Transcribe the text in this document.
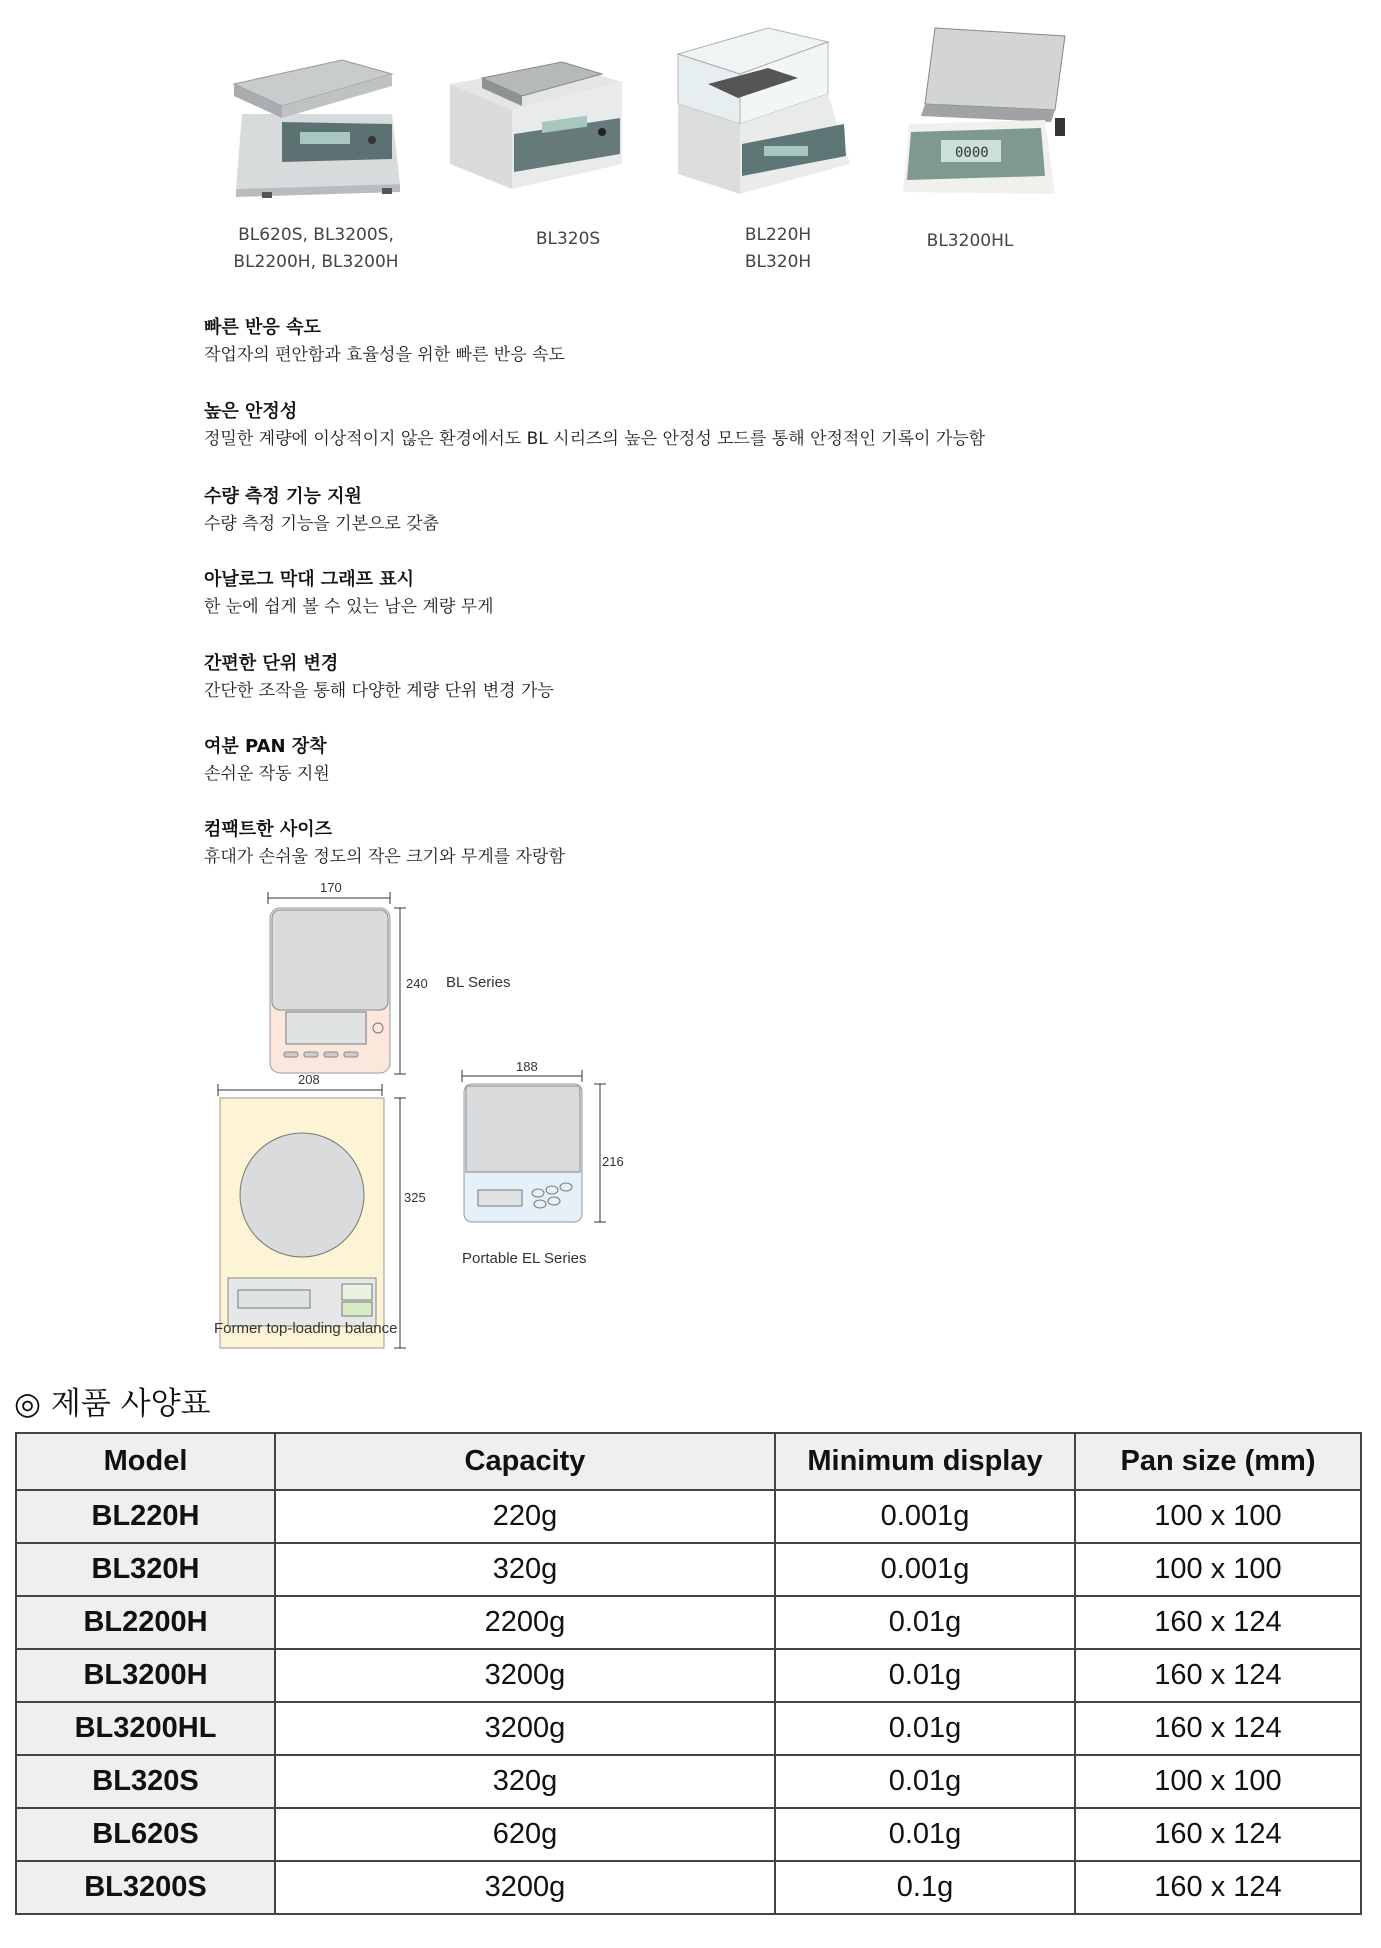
0000
BL620S, BL3200S,
BL2200H, BL3200H
BL320S	BL220H
BL320H
BL3200HL
빠른 반응 속도
작업자의 편안함과 효율성을 위한 빠른 반응 속도
높은 안정성
정밀한 계량에 이상적이지 않은 환경에서도 BL 시리즈의 높은 안정성 모드를 통해 안정적인 기록이 가능함
수량 측정 기능 지원
수량 측정 기능을 기본으로 갖춤
아날로그 막대 그래프 표시
한 눈에 쉽게 볼 수 있는 남은 계량 무게
간편한 단위 변경
간단한 조작을 통해 다양한 계량 단위 변경 가능
여분 PAN 장착
손쉬운 작동 지원
컴팩트한 사이즈
휴대가 손쉬울 정도의 작은 크기와 무게를 자랑함
170
240 BL Series
208
325
Former top-loading balance
188
216
Portable EL Series
◎ 제품 사양표
Model	Capacity	Minimum display	Pan size (mm)
BL220H	220g	0.001g	100 x 100
BL320H	320g	0.001g	100 x 100
BL2200H	2200g	0.01g	160 x 124
BL3200H	3200g	0.01g	160 x 124
BL3200HL	3200g	0.01g	160 x 124
BL320S	320g	0.01g	100 x 100
BL620S	620g	0.01g	160 x 124
BL3200S	3200g	0.1g	160 x 124
